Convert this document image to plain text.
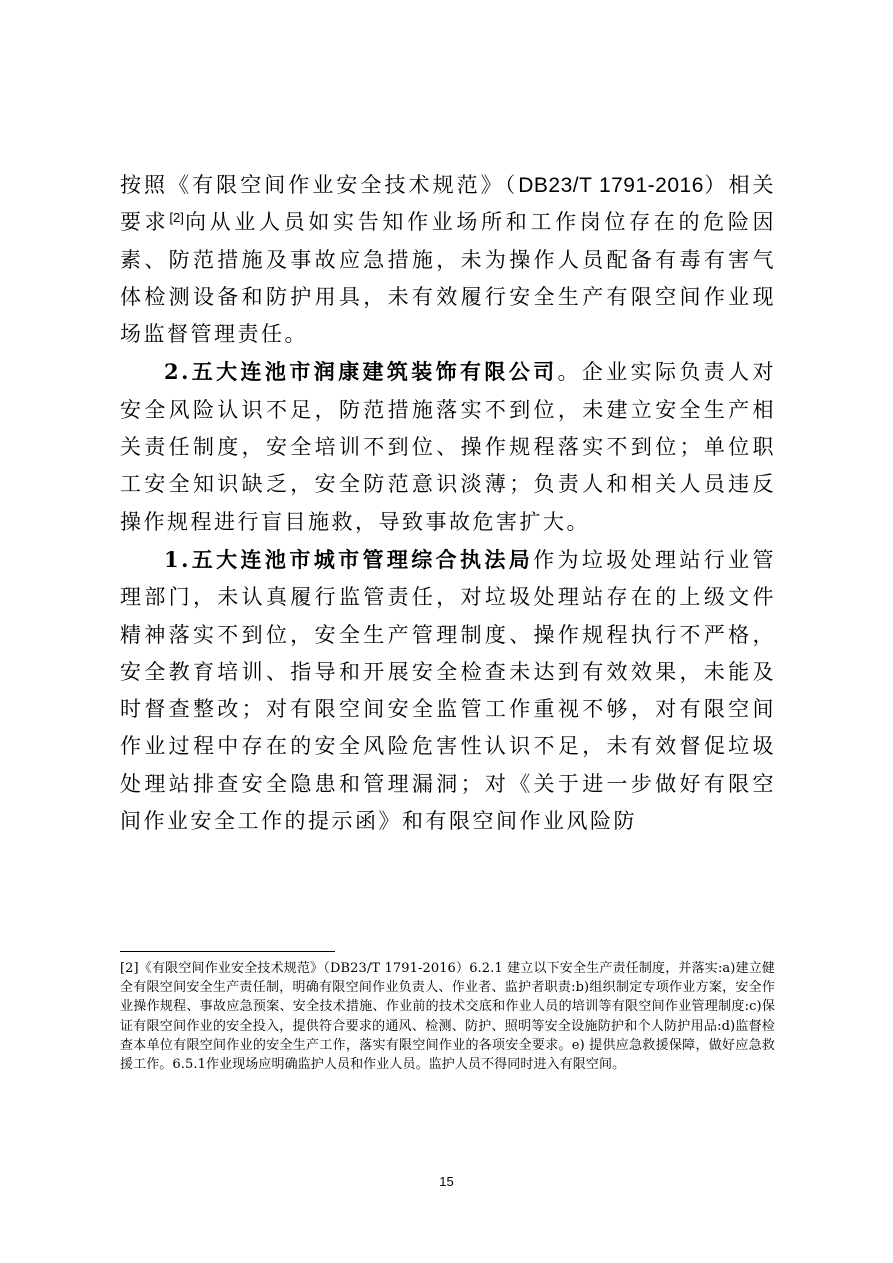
按照《有限空间作业安全技术规范》（DB23/T 1791-2016）相关要求[2]向从业人员如实告知作业场所和工作岗位存在的危险因素、防范措施及事故应急措施，未为操作人员配备有毒有害气体检测设备和防护用具，未有效履行安全生产有限空间作业现场监督管理责任。

2.五大连池市润康建筑装饰有限公司。企业实际负责人对安全风险认识不足，防范措施落实不到位，未建立安全生产相关责任制度，安全培训不到位、操作规程落实不到位；单位职工安全知识缺乏，安全防范意识淡薄；负责人和相关人员违反操作规程进行盲目施救，导致事故危害扩大。

1.五大连池市城市管理综合执法局作为垃圾处理站行业管理部门，未认真履行监管责任，对垃圾处理站存在的上级文件精神落实不到位，安全生产管理制度、操作规程执行不严格，安全教育培训、指导和开展安全检查未达到有效效果，未能及时督查整改；对有限空间安全监管工作重视不够，对有限空间作业过程中存在的安全风险危害性认识不足，未有效督促垃圾处理站排查安全隐患和管理漏洞；对《关于进一步做好有限空间作业安全工作的提示函》和有限空间作业风险防

[2]《有限空间作业安全技术规范》（DB23/T 1791-2016）6.2.1 建立以下安全生产责任制度，并落实:a)建立健全有限空间安全生产责任制，明确有限空间作业负责人、作业者、监护者职责:b)组织制定专项作业方案，安全作业操作规程、事故应急预案、安全技术措施、作业前的技术交底和作业人员的培训等有限空间作业管理制度:c)保证有限空间作业的安全投入，提供符合要求的通风、检测、防护、照明等安全设施防护和个人防护用品:d)监督检查本单位有限空间作业的安全生产工作，落实有限空间作业的各项安全要求。e) 提供应急救援保障，做好应急救援工作。6.5.1作业现场应明确监护人员和作业人员。监护人员不得同时进入有限空间。
15
